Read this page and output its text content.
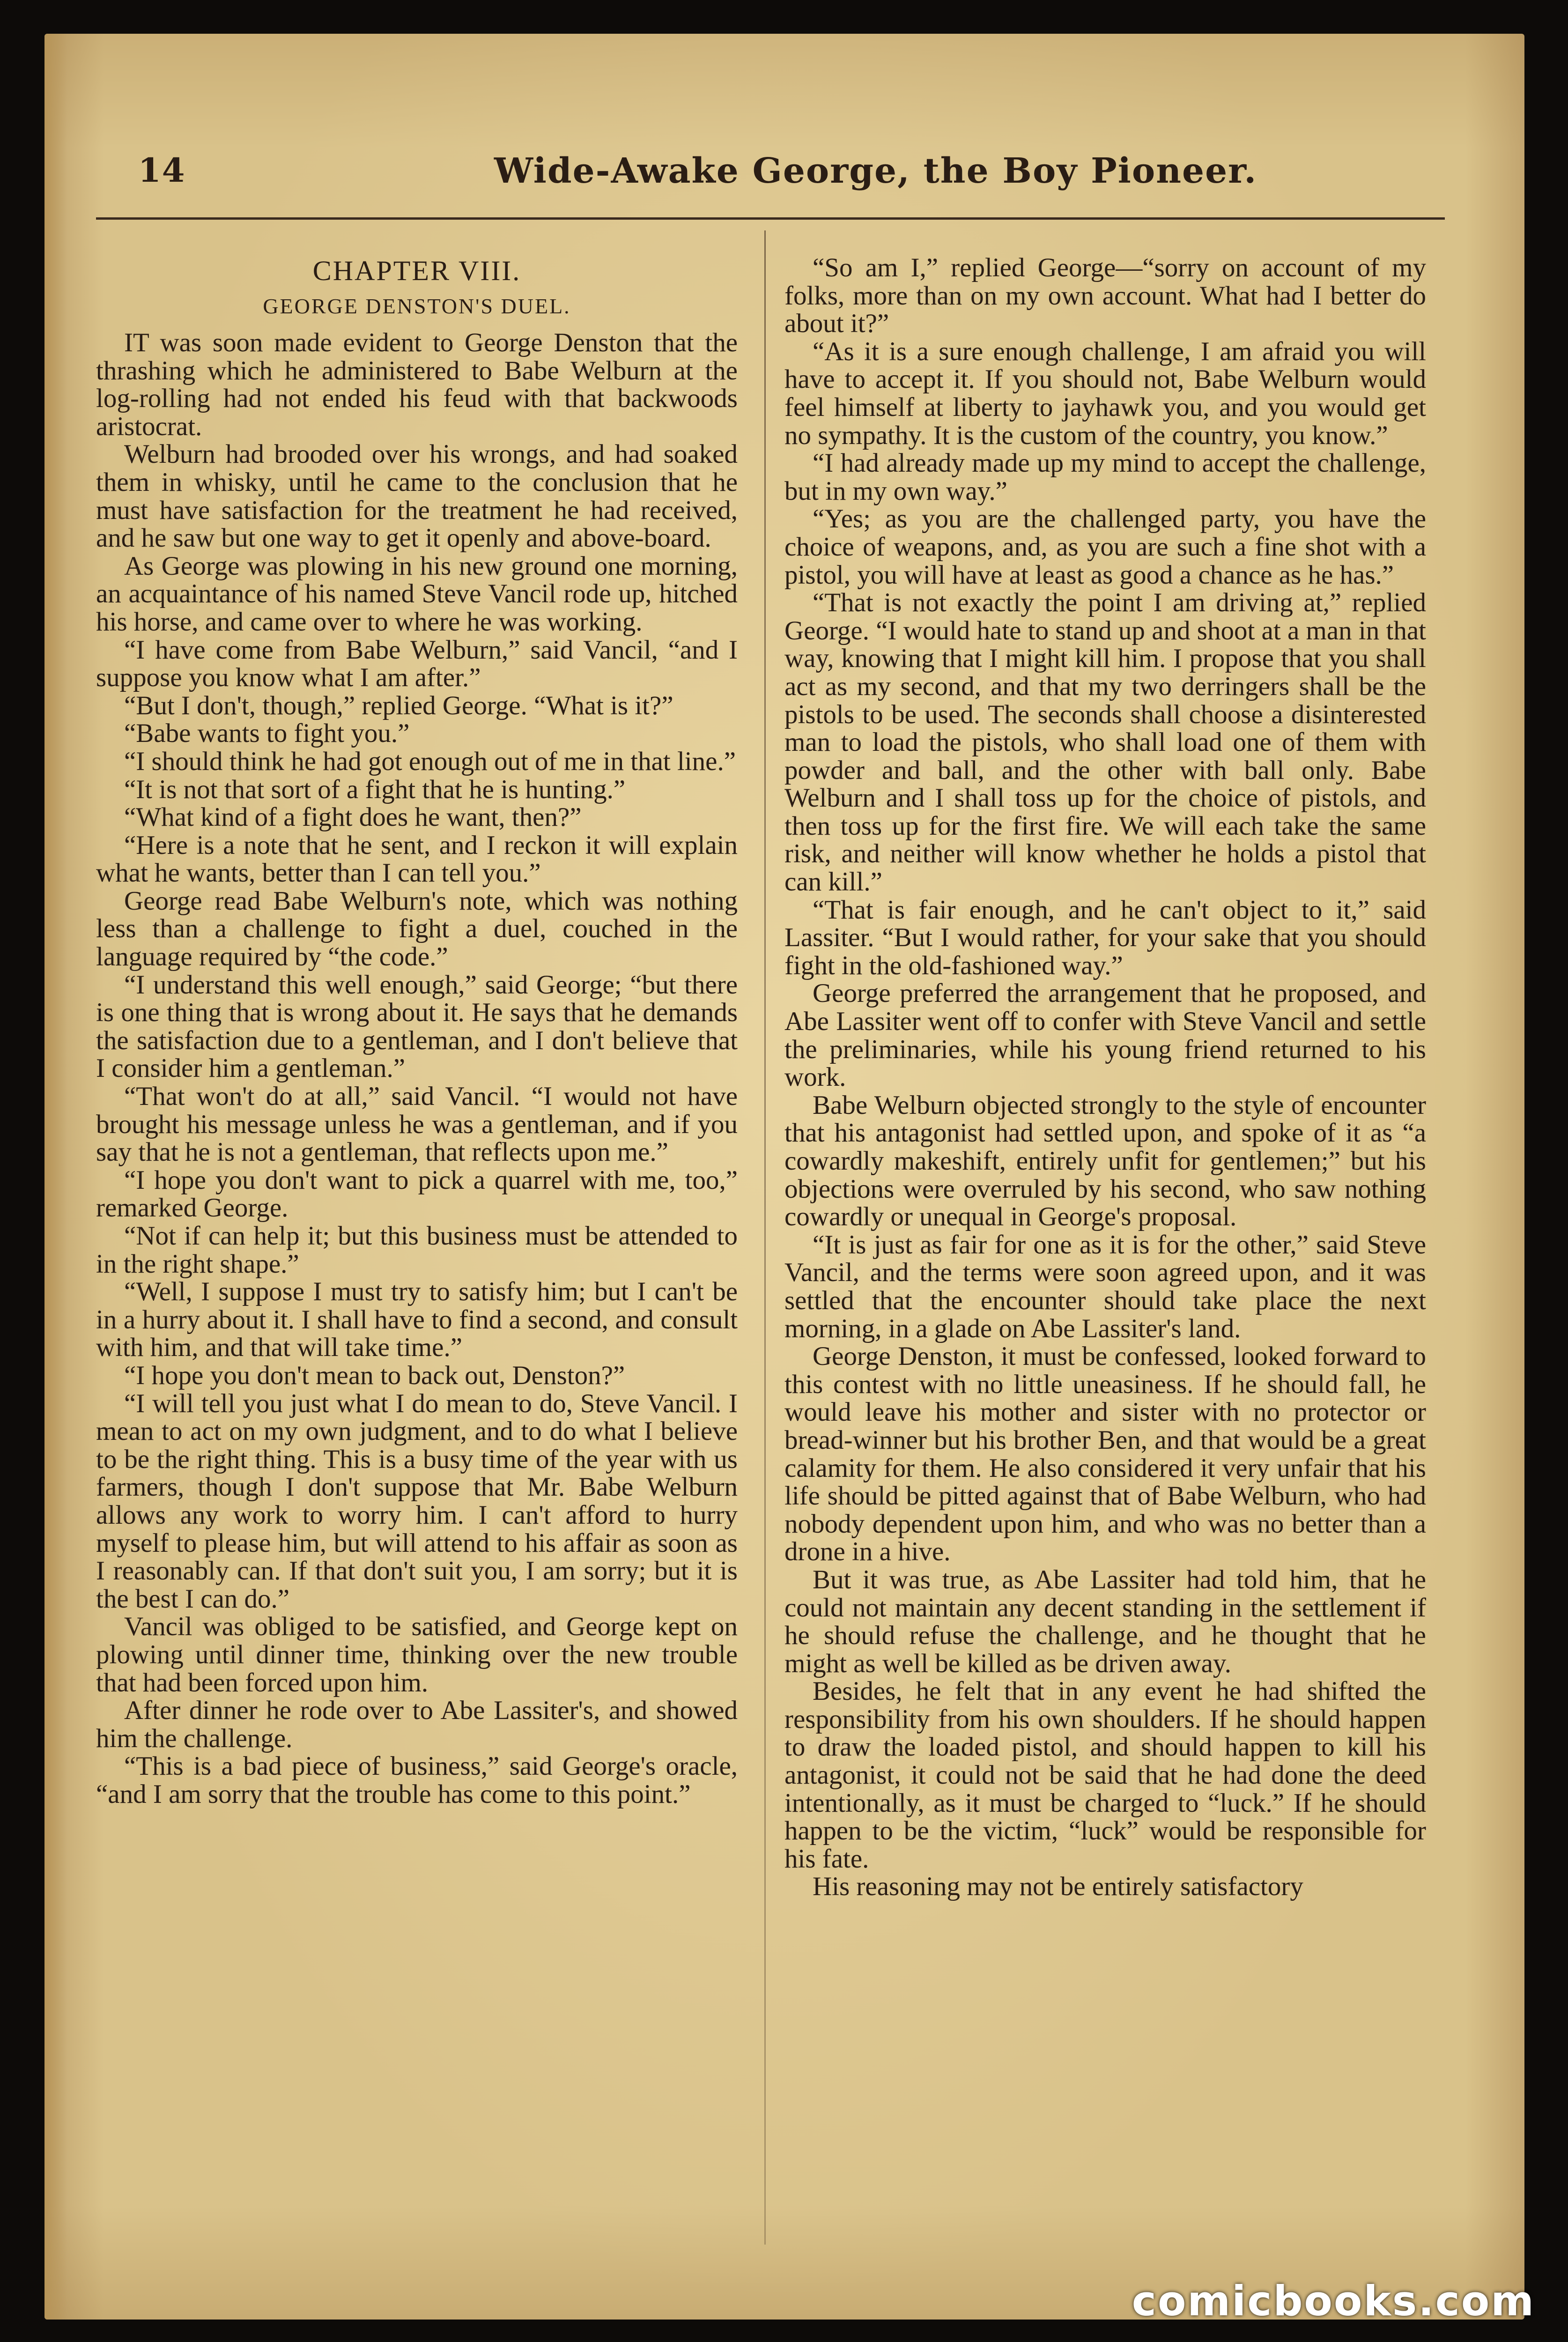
14	Wide-Awake George, the Boy Pioneer.
CHAPTER VIII.
GEORGE DENSTON'S DUEL.

IT was soon made evident to George Denston that the thrashing which he administered to Babe Welburn at the log-rolling had not ended his feud with that backwoods aristocrat.

Welburn had brooded over his wrongs, and had soaked them in whisky, until he came to the conclusion that he must have satisfaction for the treatment he had received, and he saw but one way to get it openly and above-board.

As George was plowing in his new ground one morning, an acquaintance of his named Steve Vancil rode up, hitched his horse, and came over to where he was working.

“I have come from Babe Welburn,” said Vancil, “and I suppose you know what I am after.”

“But I don't, though,” replied George. “What is it?”

“Babe wants to fight you.”

“I should think he had got enough out of me in that line.”

“It is not that sort of a fight that he is hunting.”

“What kind of a fight does he want, then?”

“Here is a note that he sent, and I reckon it will explain what he wants, better than I can tell you.”

George read Babe Welburn's note, which was nothing less than a challenge to fight a duel, couched in the language required by “the code.”

“I understand this well enough,” said George; “but there is one thing that is wrong about it. He says that he demands the satisfaction due to a gentleman, and I don't believe that I consider him a gentleman.”

“That won't do at all,” said Vancil. “I would not have brought his message unless he was a gentleman, and if you say that he is not a gentleman, that reflects upon me.”

“I hope you don't want to pick a quarrel with me, too,” remarked George.

“Not if can help it; but this business must be attended to in the right shape.”

“Well, I suppose I must try to satisfy him; but I can't be in a hurry about it. I shall have to find a second, and consult with him, and that will take time.”

“I hope you don't mean to back out, Denston?”

“I will tell you just what I do mean to do, Steve Vancil. I mean to act on my own judgment, and to do what I believe to be the right thing. This is a busy time of the year with us farmers, though I don't suppose that Mr. Babe Welburn allows any work to worry him. I can't afford to hurry myself to please him, but will attend to his affair as soon as I reasonably can. If that don't suit you, I am sorry; but it is the best I can do.”

Vancil was obliged to be satisfied, and George kept on plowing until dinner time, thinking over the new trouble that had been forced upon him.

After dinner he rode over to Abe Lassiter's, and showed him the challenge.

“This is a bad piece of business,” said George's oracle, “and I am sorry that the trouble has come to this point.”

“So am I,” replied George—“sorry on account of my folks, more than on my own account. What had I better do about it?”

“As it is a sure enough challenge, I am afraid you will have to accept it. If you should not, Babe Welburn would feel himself at liberty to jayhawk you, and you would get no sympathy. It is the custom of the country, you know.”

“I had already made up my mind to accept the challenge, but in my own way.”

“Yes; as you are the challenged party, you have the choice of weapons, and, as you are such a fine shot with a pistol, you will have at least as good a chance as he has.”

“That is not exactly the point I am driving at,” replied George. “I would hate to stand up and shoot at a man in that way, knowing that I might kill him. I propose that you shall act as my second, and that my two derringers shall be the pistols to be used. The seconds shall choose a disinterested man to load the pistols, who shall load one of them with powder and ball, and the other with ball only. Babe Welburn and I shall toss up for the choice of pistols, and then toss up for the first fire. We will each take the same risk, and neither will know whether he holds a pistol that can kill.”

“That is fair enough, and he can't object to it,” said Lassiter. “But I would rather, for your sake that you should fight in the old-fashioned way.”

George preferred the arrangement that he proposed, and Abe Lassiter went off to confer with Steve Vancil and settle the preliminaries, while his young friend returned to his work.

Babe Welburn objected strongly to the style of encounter that his antagonist had settled upon, and spoke of it as “a cowardly makeshift, entirely unfit for gentlemen;” but his objections were overruled by his second, who saw nothing cowardly or unequal in George's proposal.

“It is just as fair for one as it is for the other,” said Steve Vancil, and the terms were soon agreed upon, and it was settled that the encounter should take place the next morning, in a glade on Abe Lassiter's land.

George Denston, it must be confessed, looked forward to this contest with no little uneasiness. If he should fall, he would leave his mother and sister with no protector or bread-winner but his brother Ben, and that would be a great calamity for them. He also considered it very unfair that his life should be pitted against that of Babe Welburn, who had nobody dependent upon him, and who was no better than a drone in a hive.

But it was true, as Abe Lassiter had told him, that he could not maintain any decent standing in the settlement if he should refuse the challenge, and he thought that he might as well be killed as be driven away.

Besides, he felt that in any event he had shifted the responsibility from his own shoulders. If he should happen to draw the loaded pistol, and should happen to kill his antagonist, it could not be said that he had done the deed intentionally, as it must be charged to “luck.” If he should happen to be the victim, “luck” would be responsible for his fate.

His reasoning may not be entirely satisfactory

comicbooks.com
